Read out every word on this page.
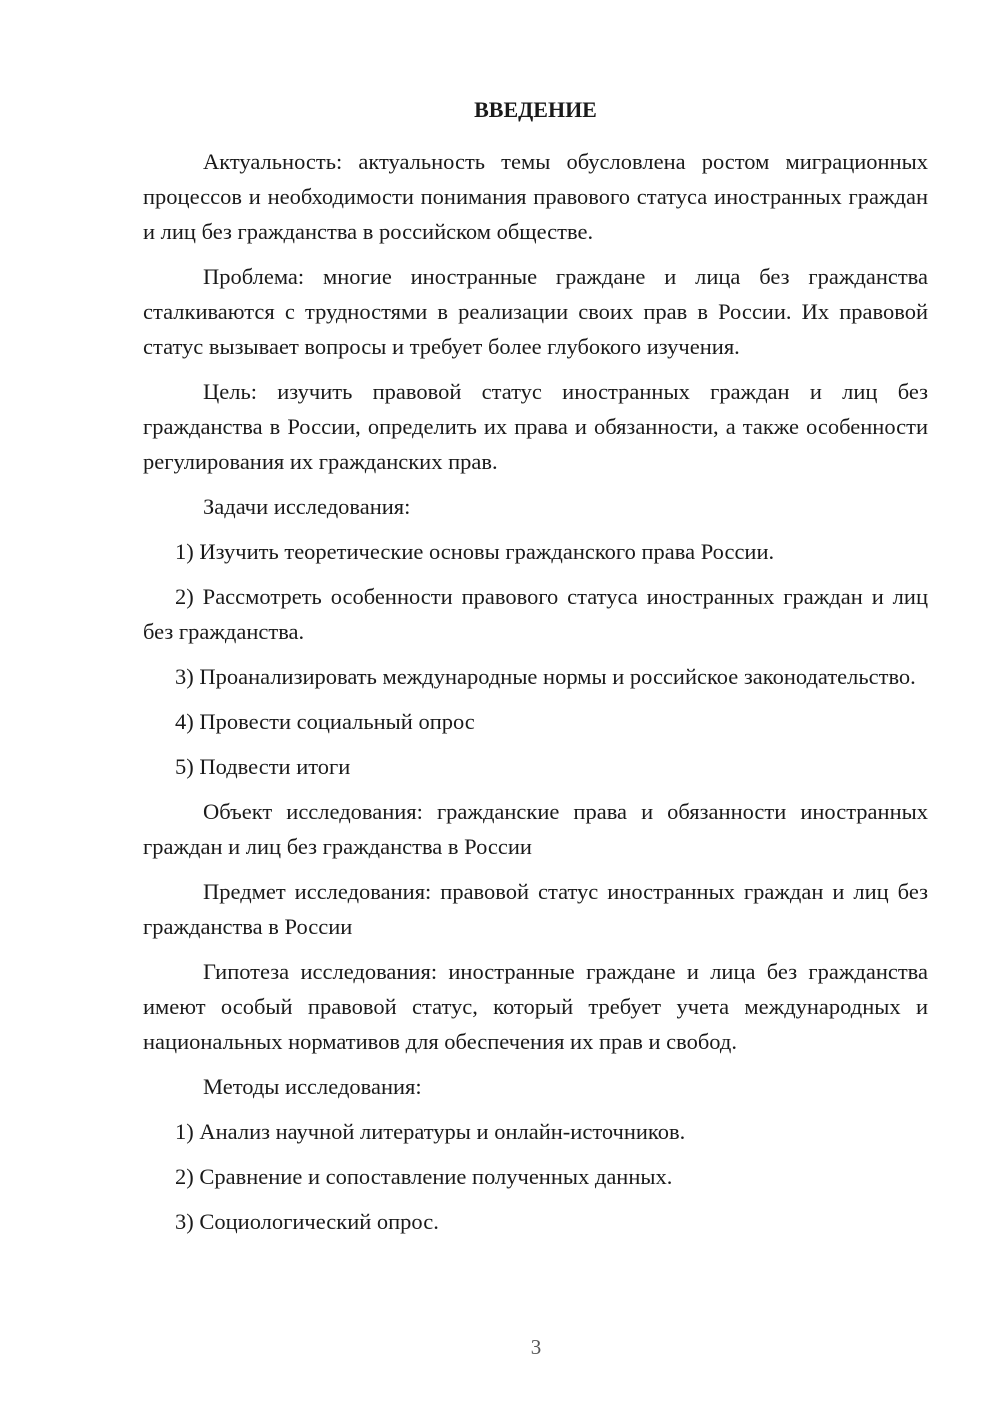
ВВЕДЕНИЕ

Актуальность: актуальность темы обусловлена ростом миграционных процессов и необходимости понимания правового статуса иностранных граждан и лиц без гражданства в российском обществе.

Проблема: многие иностранные граждане и лица без гражданства сталкиваются с трудностями в реализации своих прав в России. Их правовой статус вызывает вопросы и требует более глубокого изучения.

Цель: изучить правовой статус иностранных граждан и лиц без гражданства в России, определить их права и обязанности, а также особенности регулирования их гражданских прав.

Задачи исследования:

1) Изучить теоретические основы гражданского права России.

2) Рассмотреть особенности правового статуса иностранных граждан и лиц без гражданства.

3) Проанализировать международные нормы и российское законодательство.

4) Провести социальный опрос

5) Подвести итоги

Объект исследования: гражданские права и обязанности иностранных граждан и лиц без гражданства в России

Предмет исследования: правовой статус иностранных граждан и лиц без гражданства в России

Гипотеза исследования: иностранные граждане и лица без гражданства имеют особый правовой статус, который требует учета международных и национальных нормативов для обеспечения их прав и свобод.

Методы исследования:

1) Анализ научной литературы и онлайн-источников.

2) Сравнение и сопоставление полученных данных.

3) Социологический опрос.

3
